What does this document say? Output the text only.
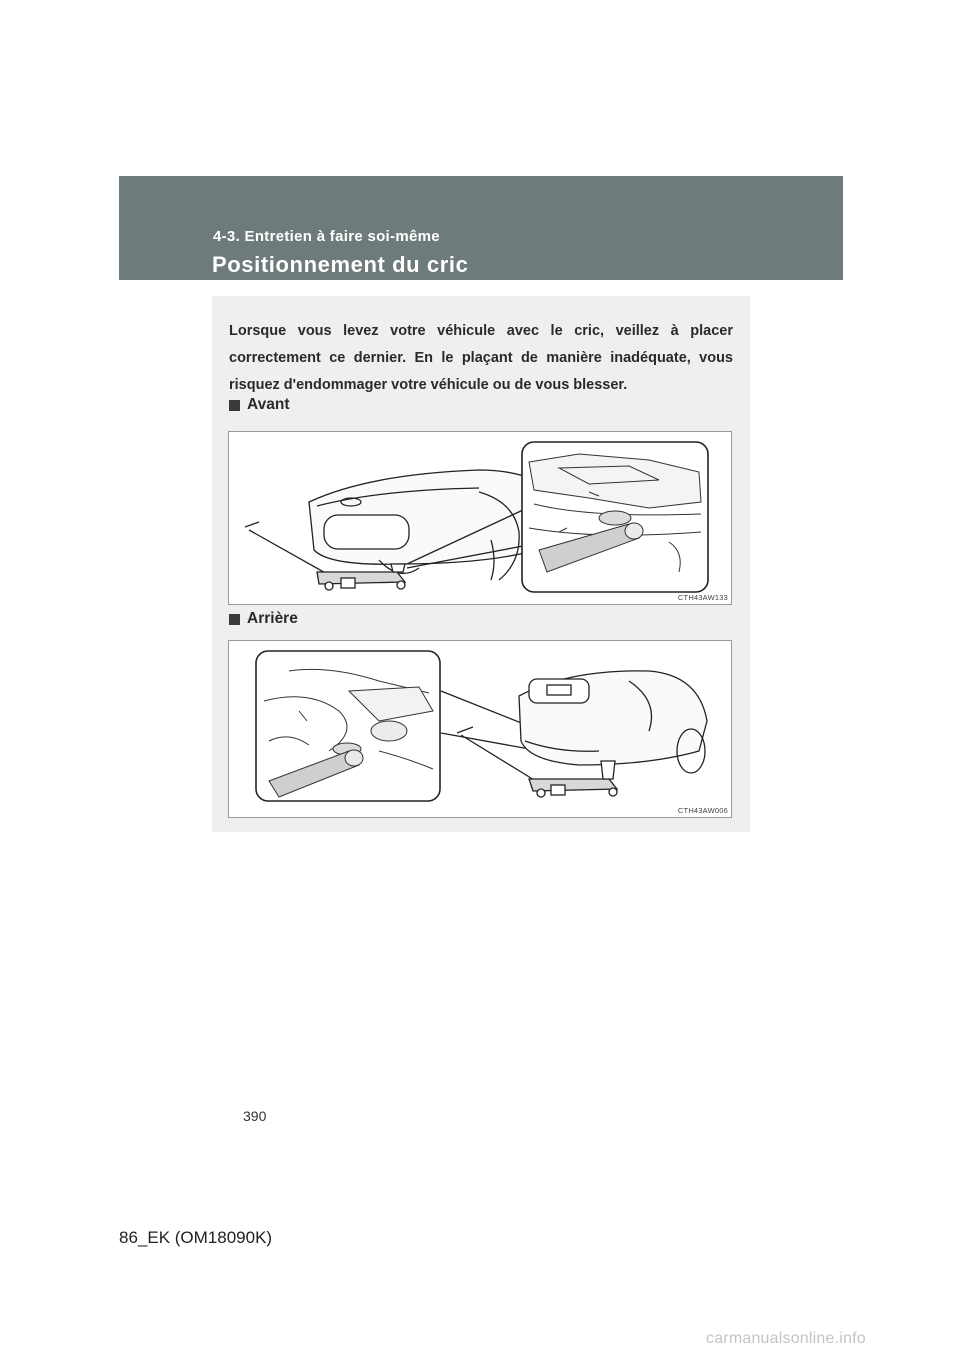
4-3. Entretien à faire soi-même
Positionnement du cric
Lorsque vous levez votre véhicule avec le cric, veillez à placer correctement ce dernier. En le plaçant de manière inadéquate, vous risquez d'endommager votre véhicule ou de vous blesser.
Avant
CTH43AW133
Arrière
CTH43AW006
390
86_EK (OM18090K)
carmanualsonline.info
